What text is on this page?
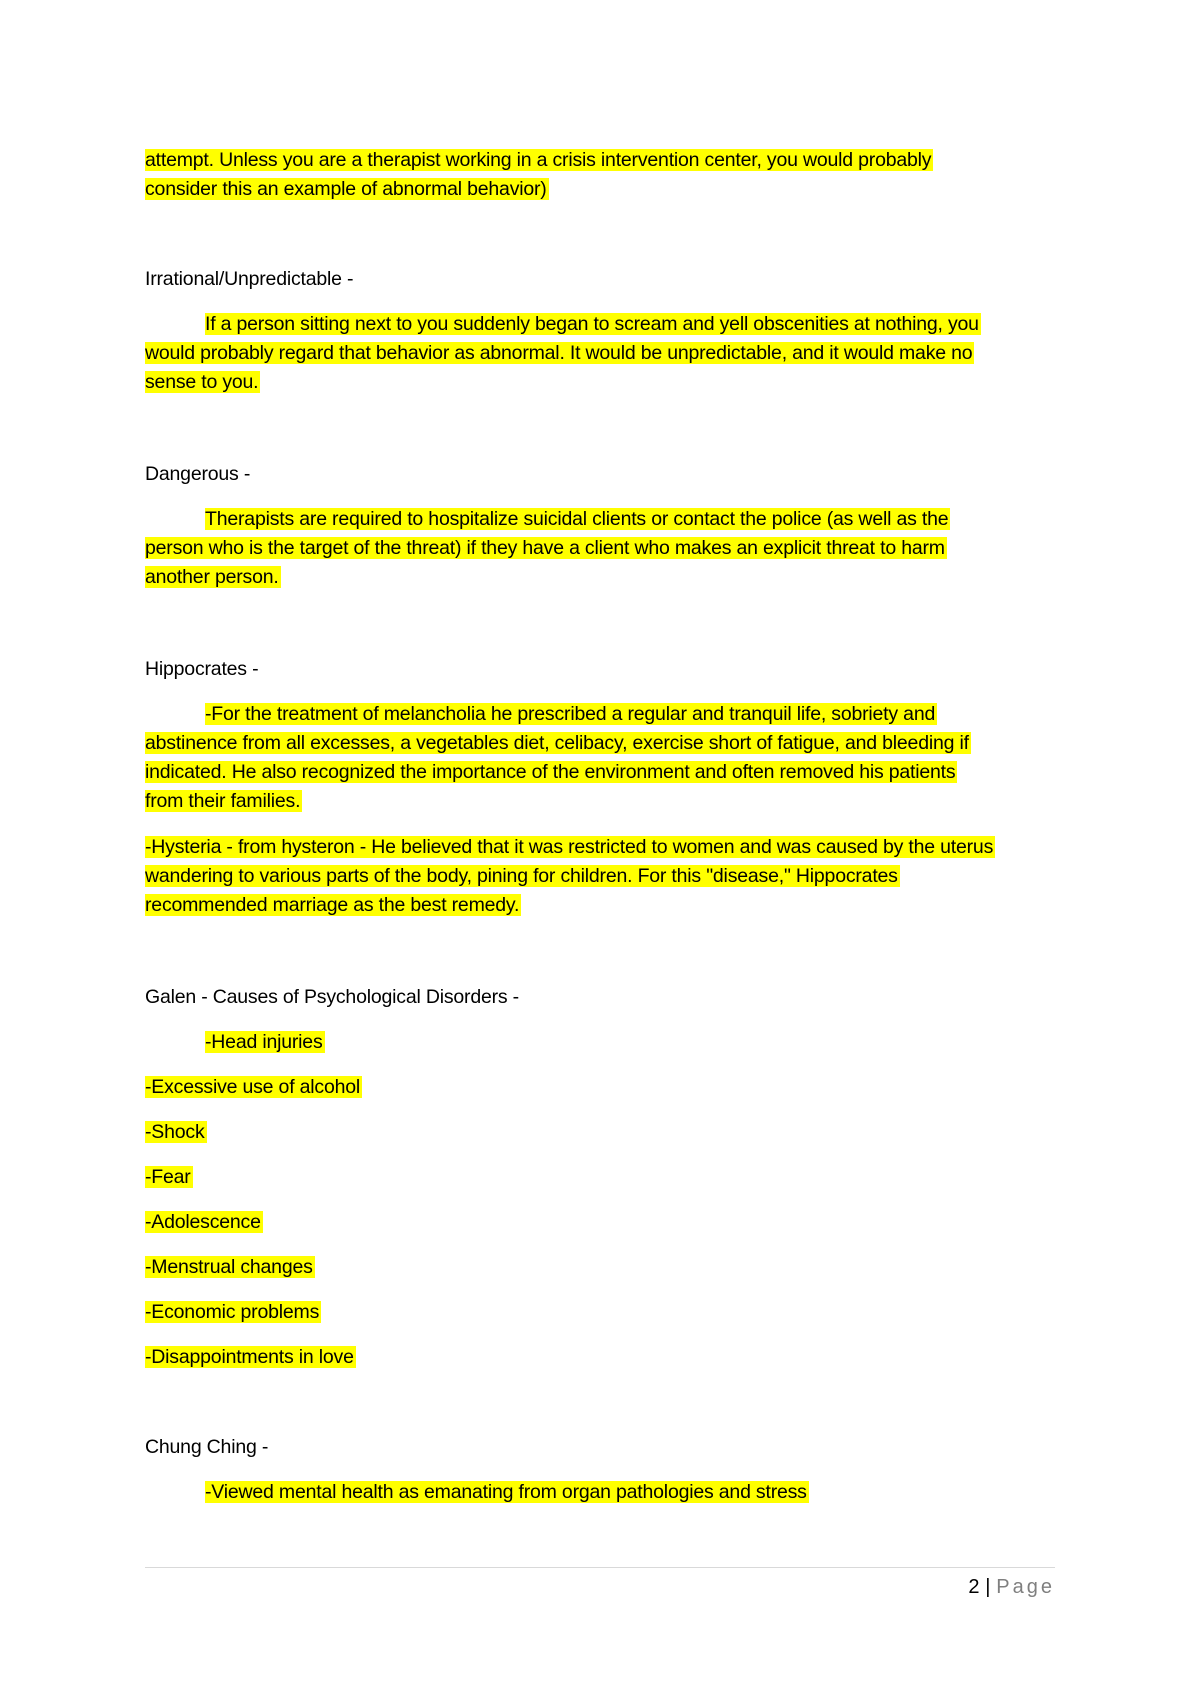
attempt. Unless you are a therapist working in a crisis intervention center, you would probably
consider this an example of abnormal behavior)

Irrational/Unpredictable -

If a person sitting next to you suddenly began to scream and yell obscenities at nothing, you
would probably regard that behavior as abnormal. It would be unpredictable, and it would make no
sense to you.

Dangerous -

Therapists are required to hospitalize suicidal clients or contact the police (as well as the
person who is the target of the threat) if they have a client who makes an explicit threat to harm
another person.

Hippocrates -

-For the treatment of melancholia he prescribed a regular and tranquil life, sobriety and
abstinence from all excesses, a vegetables diet, celibacy, exercise short of fatigue, and bleeding if
indicated. He also recognized the importance of the environment and often removed his patients
from their families.

-Hysteria - from hysteron - He believed that it was restricted to women and was caused by the uterus
wandering to various parts of the body, pining for children. For this "disease," Hippocrates
recommended marriage as the best remedy.

Galen - Causes of Psychological Disorders -

-Head injuries

-Excessive use of alcohol

-Shock

-Fear

-Adolescence

-Menstrual changes

-Economic problems

-Disappointments in love

Chung Ching -

-Viewed mental health as emanating from organ pathologies and stress

2 | Page
